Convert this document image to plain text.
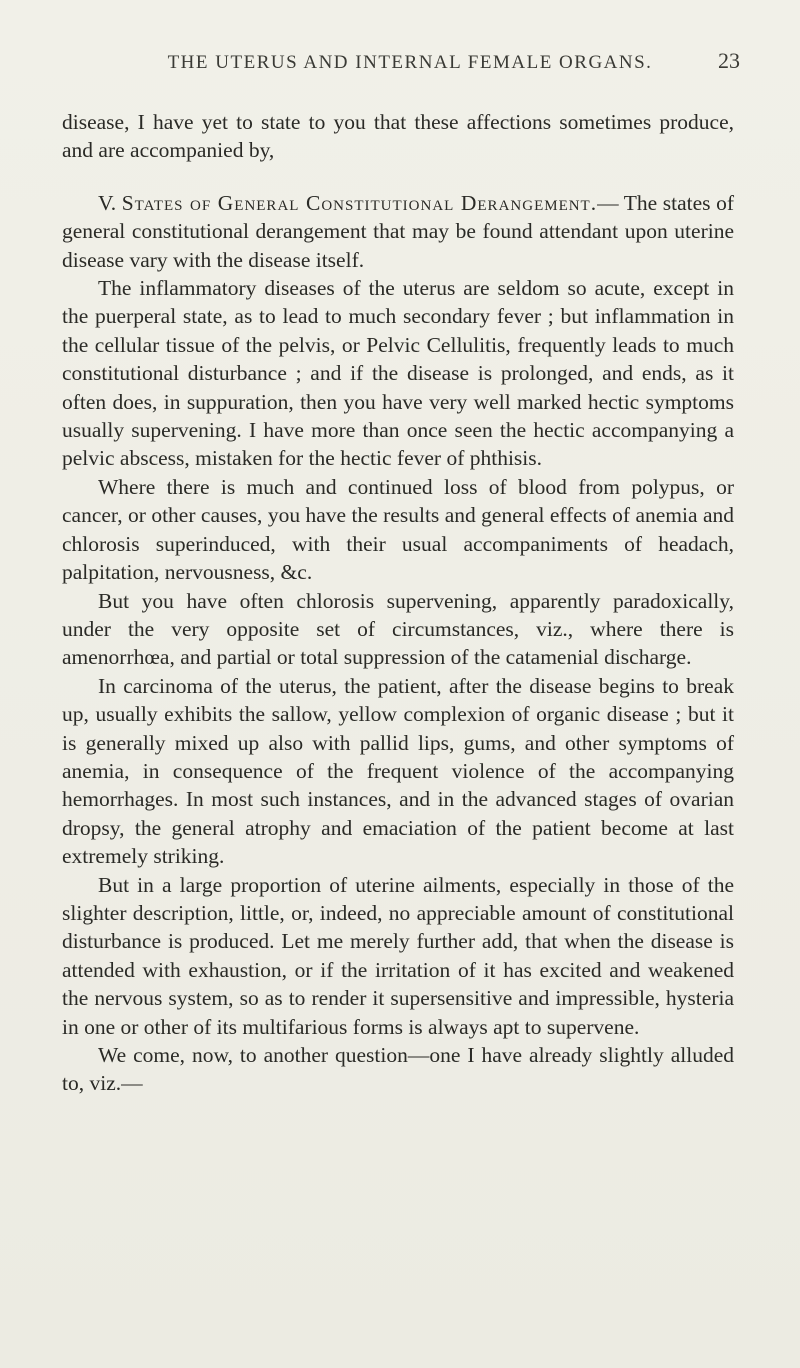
THE UTERUS AND INTERNAL FEMALE ORGANS.	23

disease, I have yet to state to you that these affections sometimes produce, and are accompanied by,

V. States of General Constitutional Derangement.— The states of general constitutional derangement that may be found attendant upon uterine disease vary with the disease itself.

The inflammatory diseases of the uterus are seldom so acute, except in the puerperal state, as to lead to much secondary fever ; but inflammation in the cellular tissue of the pelvis, or Pelvic Cellulitis, frequently leads to much constitutional disturbance ; and if the disease is prolonged, and ends, as it often does, in suppuration, then you have very well marked hectic symptoms usually supervening. I have more than once seen the hectic accompanying a pelvic abscess, mistaken for the hectic fever of phthisis.

Where there is much and continued loss of blood from polypus, or cancer, or other causes, you have the results and general effects of anemia and chlorosis superinduced, with their usual accompaniments of headach, palpitation, nervousness, &c.

But you have often chlorosis supervening, apparently paradoxically, under the very opposite set of circumstances, viz., where there is amenorrhœa, and partial or total suppression of the catamenial discharge.

In carcinoma of the uterus, the patient, after the disease begins to break up, usually exhibits the sallow, yellow complexion of organic disease ; but it is generally mixed up also with pallid lips, gums, and other symptoms of anemia, in consequence of the frequent violence of the accompanying hemorrhages. In most such instances, and in the advanced stages of ovarian dropsy, the general atrophy and emaciation of the patient become at last extremely striking.

But in a large proportion of uterine ailments, especially in those of the slighter description, little, or, indeed, no appreciable amount of constitutional disturbance is produced. Let me merely further add, that when the disease is attended with exhaustion, or if the irritation of it has excited and weakened the nervous system, so as to render it supersensitive and impressible, hysteria in one or other of its multifarious forms is always apt to supervene.

We come, now, to another question—one I have already slightly alluded to, viz.—
